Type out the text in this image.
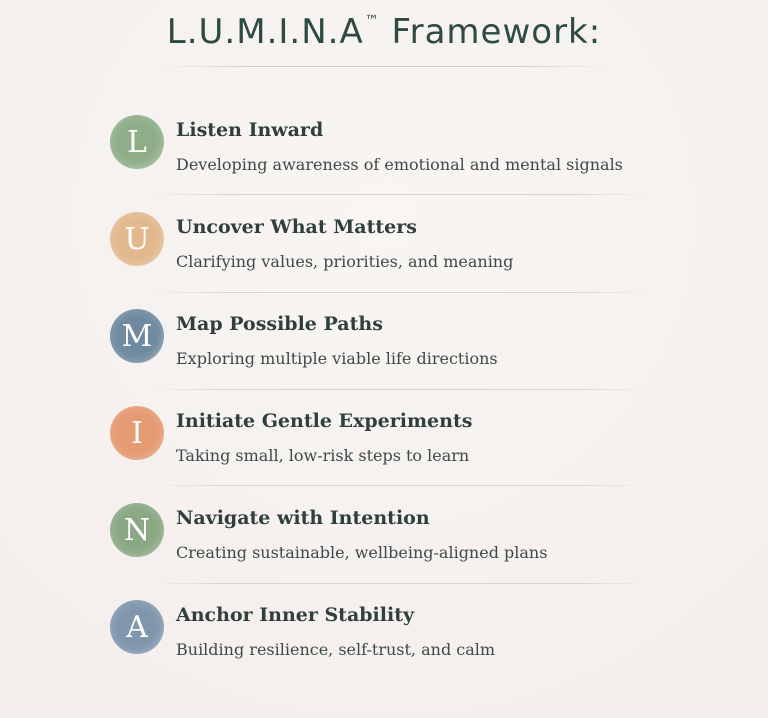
L.U.M.I.N.A™ Framework:
L Listen Inward
Developing awareness of emotional and mental signals
U Uncover What Matters
Clarifying values, priorities, and meaning
M Map Possible Paths
Exploring multiple viable life directions
I Initiate Gentle Experiments
Taking small, low-risk steps to learn
N Navigate with Intention
Creating sustainable, wellbeing-aligned plans
A Anchor Inner Stability
Building resilience, self-trust, and calm
